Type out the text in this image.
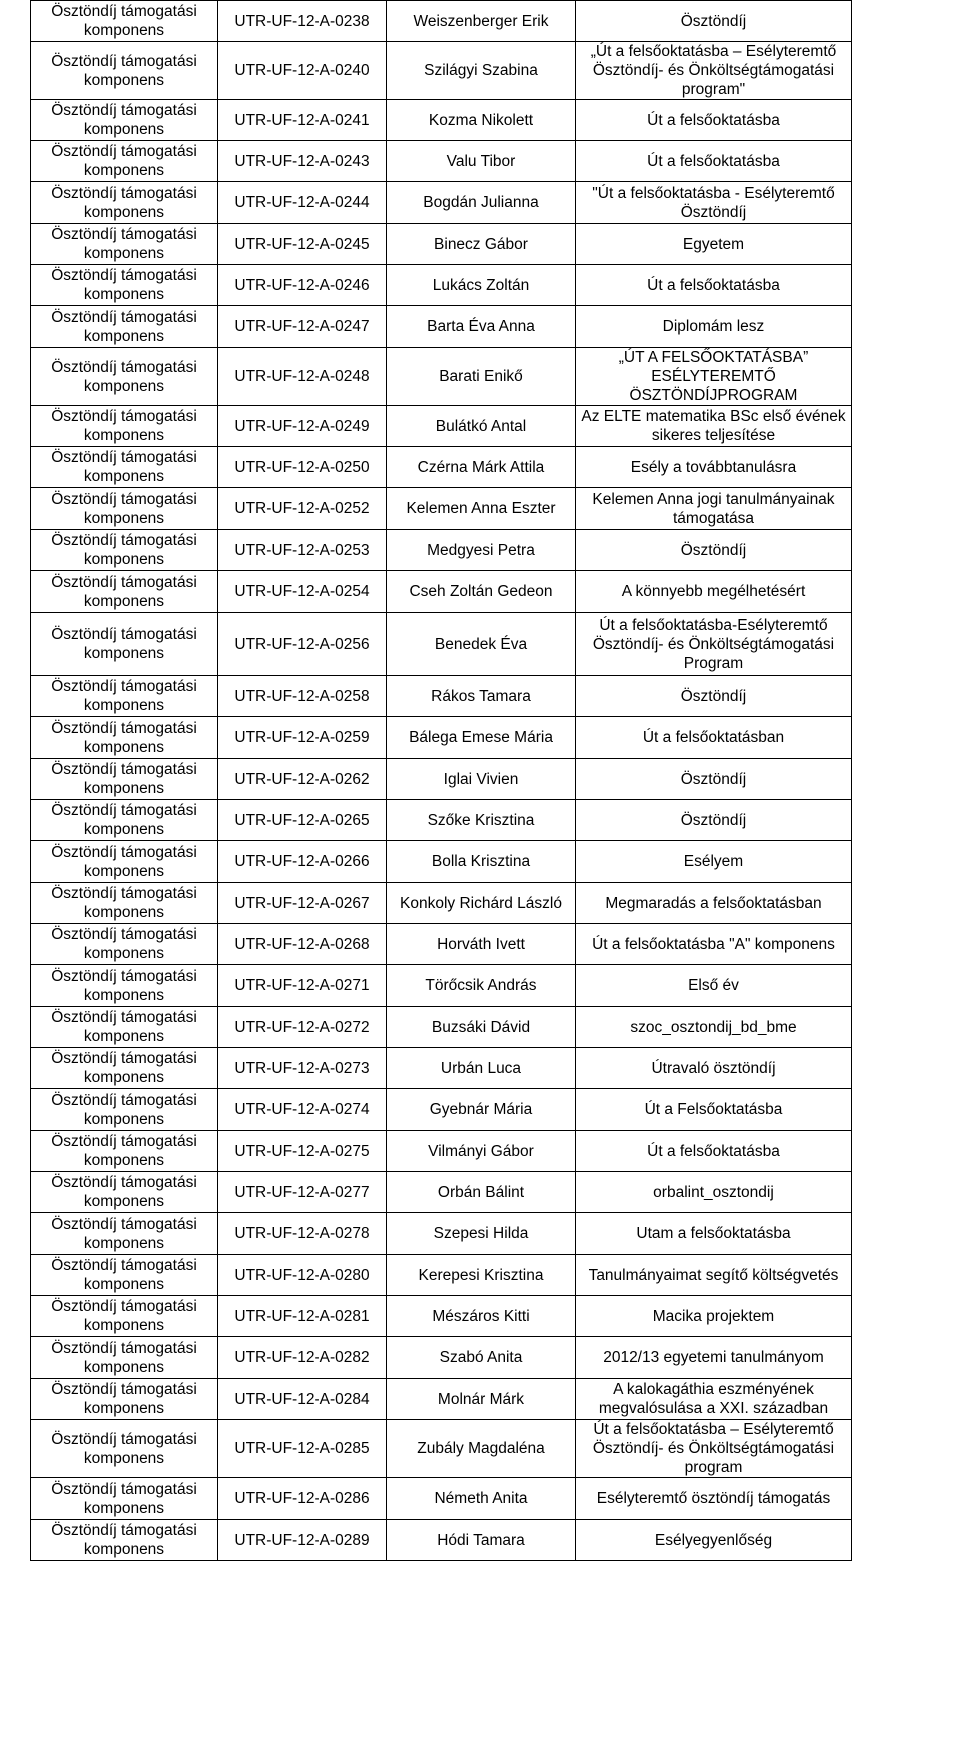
Ösztöndíj támogatási komponens	UTR-UF-12-A-0238	Weiszenberger Erik	Ösztöndíj
Ösztöndíj támogatási komponens	UTR-UF-12-A-0240	Szilágyi Szabina	„Út a felsőoktatásba – Esélyteremtő Ösztöndíj- és Önköltségtámogatási program"
Ösztöndíj támogatási komponens	UTR-UF-12-A-0241	Kozma Nikolett	Út a felsőoktatásba
Ösztöndíj támogatási komponens	UTR-UF-12-A-0243	Valu Tibor	Út a felsőoktatásba
Ösztöndíj támogatási komponens	UTR-UF-12-A-0244	Bogdán Julianna	"Út a felsőoktatásba - Esélyteremtő Ösztöndíj
Ösztöndíj támogatási komponens	UTR-UF-12-A-0245	Binecz Gábor	Egyetem
Ösztöndíj támogatási komponens	UTR-UF-12-A-0246	Lukács Zoltán	Út a felsőoktatásba
Ösztöndíj támogatási komponens	UTR-UF-12-A-0247	Barta Éva Anna	Diplomám lesz
Ösztöndíj támogatási komponens	UTR-UF-12-A-0248	Barati Enikő	„ÚT A FELSŐOKTATÁSBA” ESÉLYTEREMTŐ ÖSZTÖNDÍJPROGRAM
Ösztöndíj támogatási komponens	UTR-UF-12-A-0249	Bulátkó Antal	Az ELTE matematika BSc első évének sikeres teljesítése
Ösztöndíj támogatási komponens	UTR-UF-12-A-0250	Czérna Márk Attila	Esély a továbbtanulásra
Ösztöndíj támogatási komponens	UTR-UF-12-A-0252	Kelemen Anna Eszter	Kelemen Anna jogi tanulmányainak támogatása
Ösztöndíj támogatási komponens	UTR-UF-12-A-0253	Medgyesi Petra	Ösztöndíj
Ösztöndíj támogatási komponens	UTR-UF-12-A-0254	Cseh Zoltán Gedeon	A könnyebb megélhetésért
Ösztöndíj támogatási komponens	UTR-UF-12-A-0256	Benedek Éva	Út a felsőoktatásba-Esélyteremtő Ösztöndíj- és Önköltségtámogatási Program
Ösztöndíj támogatási komponens	UTR-UF-12-A-0258	Rákos Tamara	Ösztöndíj
Ösztöndíj támogatási komponens	UTR-UF-12-A-0259	Bálega Emese Mária	Út a felsőoktatásban
Ösztöndíj támogatási komponens	UTR-UF-12-A-0262	Iglai Vivien	Ösztöndíj
Ösztöndíj támogatási komponens	UTR-UF-12-A-0265	Szőke Krisztina	Ösztöndíj
Ösztöndíj támogatási komponens	UTR-UF-12-A-0266	Bolla Krisztina	Esélyem
Ösztöndíj támogatási komponens	UTR-UF-12-A-0267	Konkoly Richárd László	Megmaradás a felsőoktatásban
Ösztöndíj támogatási komponens	UTR-UF-12-A-0268	Horváth Ivett	Út a felsőoktatásba "A" komponens
Ösztöndíj támogatási komponens	UTR-UF-12-A-0271	Törőcsik András	Első év
Ösztöndíj támogatási komponens	UTR-UF-12-A-0272	Buzsáki Dávid	szoc_osztondij_bd_bme
Ösztöndíj támogatási komponens	UTR-UF-12-A-0273	Urbán Luca	Útravaló ösztöndíj
Ösztöndíj támogatási komponens	UTR-UF-12-A-0274	Gyebnár Mária	Út a Felsőoktatásba
Ösztöndíj támogatási komponens	UTR-UF-12-A-0275	Vilmányi Gábor	Út a felsőoktatásba
Ösztöndíj támogatási komponens	UTR-UF-12-A-0277	Orbán Bálint	orbalint_osztondij
Ösztöndíj támogatási komponens	UTR-UF-12-A-0278	Szepesi Hilda	Utam a felsőoktatásba
Ösztöndíj támogatási komponens	UTR-UF-12-A-0280	Kerepesi Krisztina	Tanulmányaimat segítő költségvetés
Ösztöndíj támogatási komponens	UTR-UF-12-A-0281	Mészáros Kitti	Macika projektem
Ösztöndíj támogatási komponens	UTR-UF-12-A-0282	Szabó Anita	2012/13 egyetemi tanulmányom
Ösztöndíj támogatási komponens	UTR-UF-12-A-0284	Molnár Márk	A kalokagáthia eszményének megvalósulása a XXI. században
Ösztöndíj támogatási komponens	UTR-UF-12-A-0285	Zubály Magdaléna	Út a felsőoktatásba – Esélyteremtő Ösztöndíj- és Önköltségtámogatási program
Ösztöndíj támogatási komponens	UTR-UF-12-A-0286	Németh Anita	Esélyteremtő ösztöndíj támogatás
Ösztöndíj támogatási komponens	UTR-UF-12-A-0289	Hódi Tamara	Esélyegyenlőség
